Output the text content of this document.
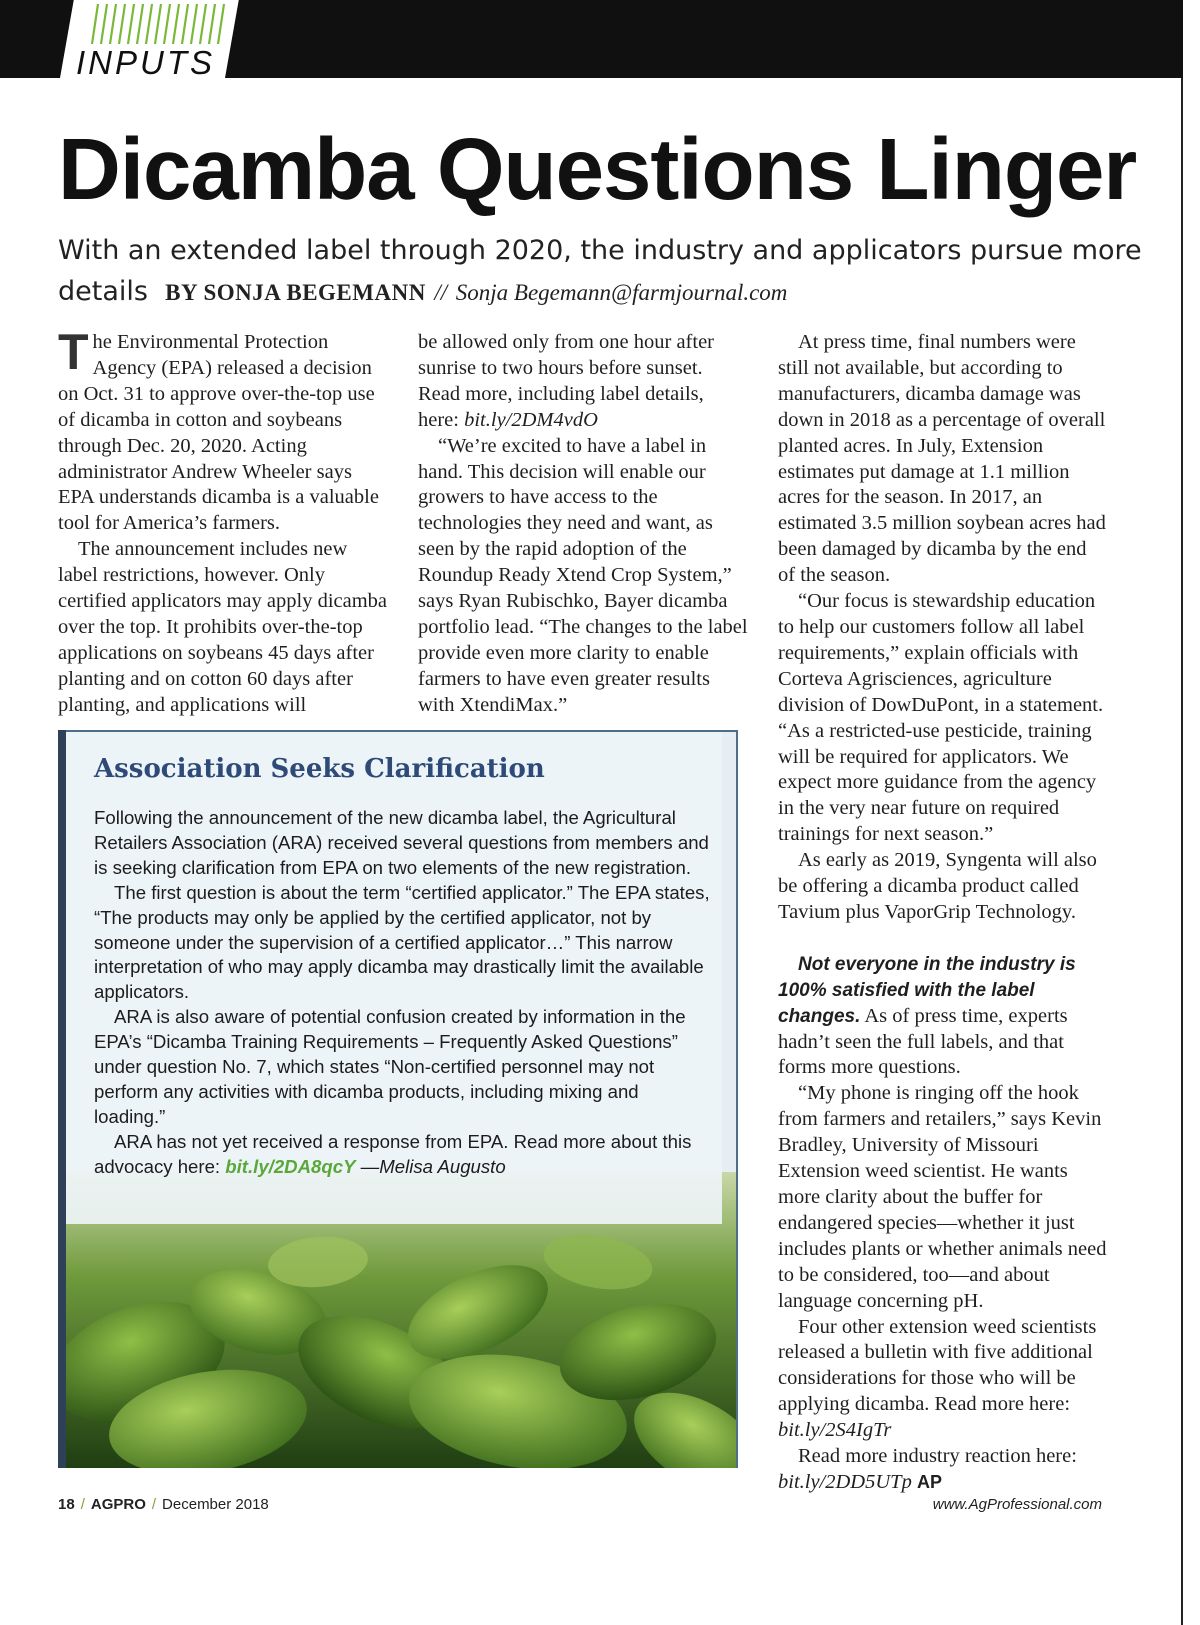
INPUTS
Dicamba Questions Linger
With an extended label through 2020, the industry and applicators pursue more details BY SONJA BEGEMANN // Sonja Begemann@farmjournal.com

The Environmental Protection Agency (EPA) released a decision on Oct. 31 to approve over-the-top use of dicamba in cotton and soybeans through Dec. 20, 2020. Acting administrator Andrew Wheeler says EPA understands dicamba is a valuable tool for America’s farmers.

The announcement includes new label restrictions, however. Only certified applicators may apply dicamba over the top. It prohibits over-the-top applications on soybeans 45 days after planting and on cotton 60 days after planting, and applications will

be allowed only from one hour after sunrise to two hours before sunset. Read more, including label details, here: bit.ly/2DM4vdO

“We’re excited to have a label in hand. This decision will enable our growers to have access to the technologies they need and want, as seen by the rapid adoption of the Roundup Ready Xtend Crop System,” says Ryan Rubischko, Bayer dicamba portfolio lead. “The changes to the label provide even more clarity to enable farmers to have even greater results with XtendiMax.”

At press time, final numbers were still not available, but according to manufacturers, dicamba damage was down in 2018 as a percentage of overall planted acres. In July, Extension estimates put damage at 1.1 million acres for the season. In 2017, an estimated 3.5 million soybean acres had been damaged by dicamba by the end of the season.

“Our focus is stewardship education to help our customers follow all label requirements,” explain officials with Corteva Agrisciences, agriculture division of DowDuPont, in a statement. “As a restricted-use pesticide, training will be required for applicators. We expect more guidance from the agency in the very near future on required trainings for next season.”

As early as 2019, Syngenta will also be offering a dicamba product called Tavium plus VaporGrip Technology.

Not everyone in the industry is 100% satisfied with the label changes. As of press time, experts hadn’t seen the full labels, and that forms more questions.

“My phone is ringing off the hook from farmers and retailers,” says Kevin Bradley, University of Missouri Extension weed scientist. He wants more clarity about the buffer for endangered species—whether it just includes plants or whether animals need to be considered, too—and about language concerning pH.

Four other extension weed scientists released a bulletin with five additional considerations for those who will be applying dicamba. Read more here: bit.ly/2S4IgTr

Read more industry reaction here:
bit.ly/2DD5UTp AP

Association Seeks Clarification

Following the announcement of the new dicamba label, the Agricultural Retailers Association (ARA) received several questions from members and is seeking clarification from EPA on two elements of the new registration.

The first question is about the term “certified applicator.” The EPA states, “The products may only be applied by the certified applicator, not by someone under the supervision of a certified applicator…” This narrow interpretation of who may apply dicamba may drastically limit the available applicators.

ARA is also aware of potential confusion created by information in the EPA’s “Dicamba Training Requirements – Frequently Asked Questions” under question No. 7, which states “Non-certified personnel may not perform any activities with dicamba products, including mixing and loading.”

ARA has not yet received a response from EPA. Read more about this advocacy here: bit.ly/2DA8qcY —Melisa Augusto

18 / AGPRO / December 2018	www.AgProfessional.com
